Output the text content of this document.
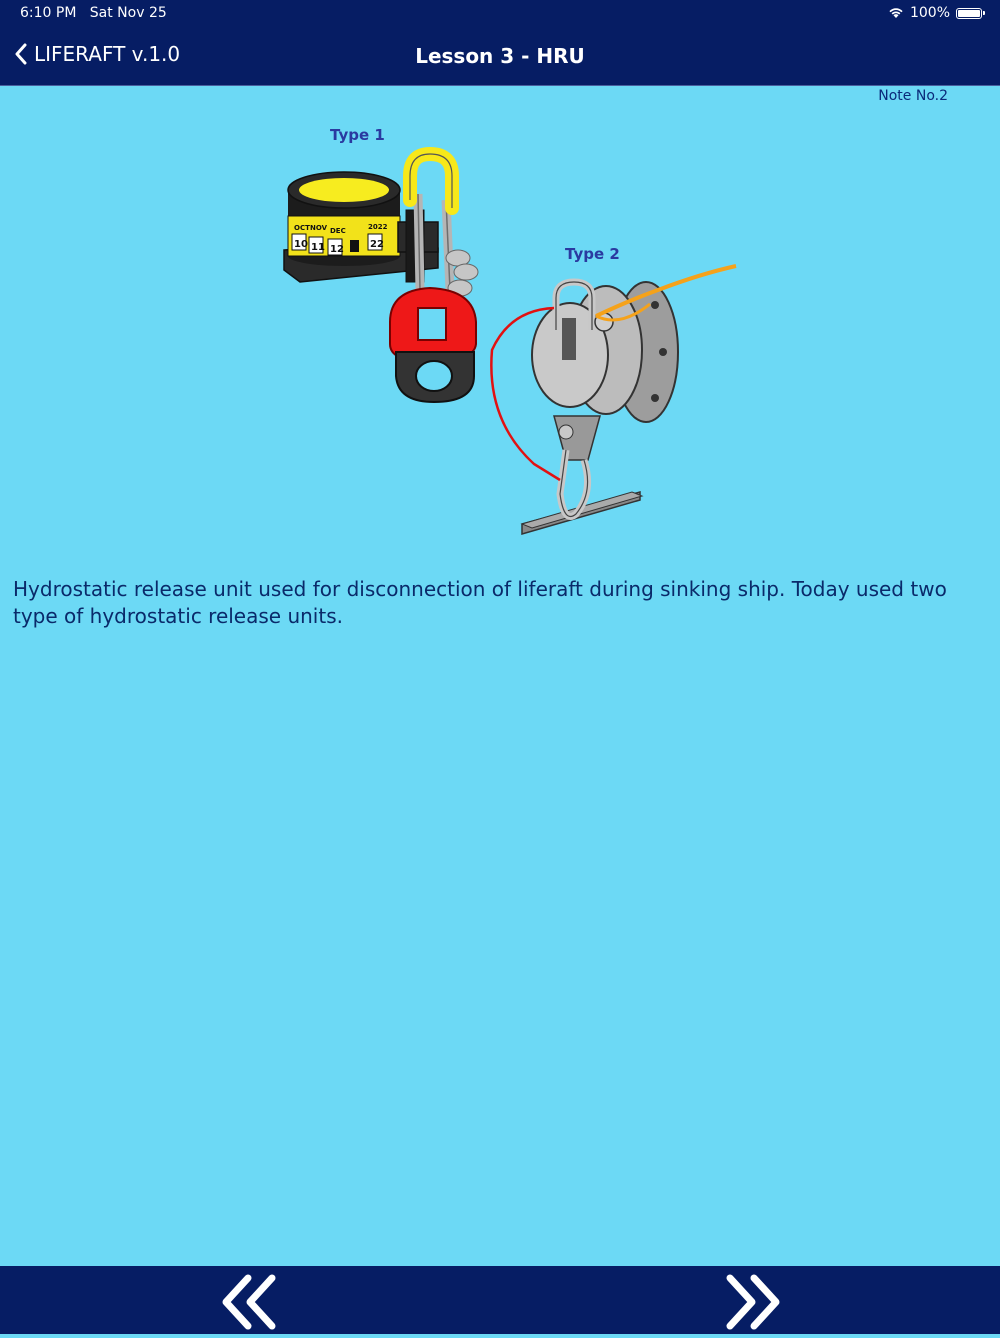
6:10 PM Sat Nov 25	100%
LIFERAFT v.1.0	Lesson 3 - HRU
Note No.2
Type 1
Type 2
OCT NOV DEC	2022
10 11 12	22
Hydrostatic release unit used for disconnection of liferaft during sinking ship. Today used two type of hydrostatic release units.
